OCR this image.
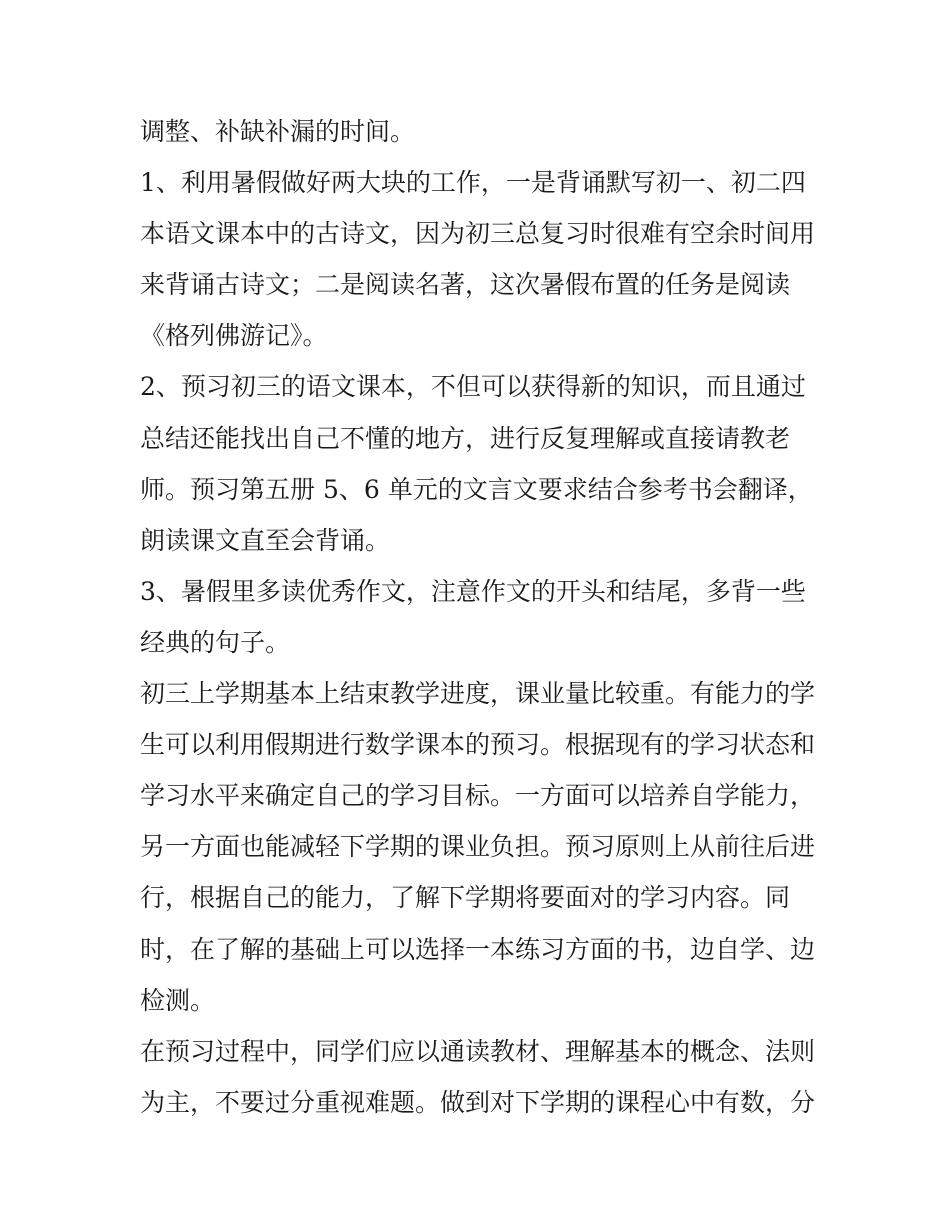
调整、补缺补漏的时间。
1、利用暑假做好两大块的工作，一是背诵默写初一、初二四
本语文课本中的古诗文，因为初三总复习时很难有空余时间用
来背诵古诗文；二是阅读名著，这次暑假布置的任务是阅读
《格列佛游记》。
2、预习初三的语文课本，不但可以获得新的知识，而且通过
总结还能找出自己不懂的地方，进行反复理解或直接请教老
师。预习第五册 5、6 单元的文言文要求结合参考书会翻译，
朗读课文直至会背诵。
3、暑假里多读优秀作文，注意作文的开头和结尾，多背一些
经典的句子。
初三上学期基本上结束教学进度，课业量比较重。有能力的学
生可以利用假期进行数学课本的预习。根据现有的学习状态和
学习水平来确定自己的学习目标。一方面可以培养自学能力，
另一方面也能减轻下学期的课业负担。预习原则上从前往后进
行，根据自己的能力，了解下学期将要面对的学习内容。同
时，在了解的基础上可以选择一本练习方面的书，边自学、边
检测。
在预习过程中，同学们应以通读教材、理解基本的概念、法则
为主，不要过分重视难题。做到对下学期的课程心中有数，分
